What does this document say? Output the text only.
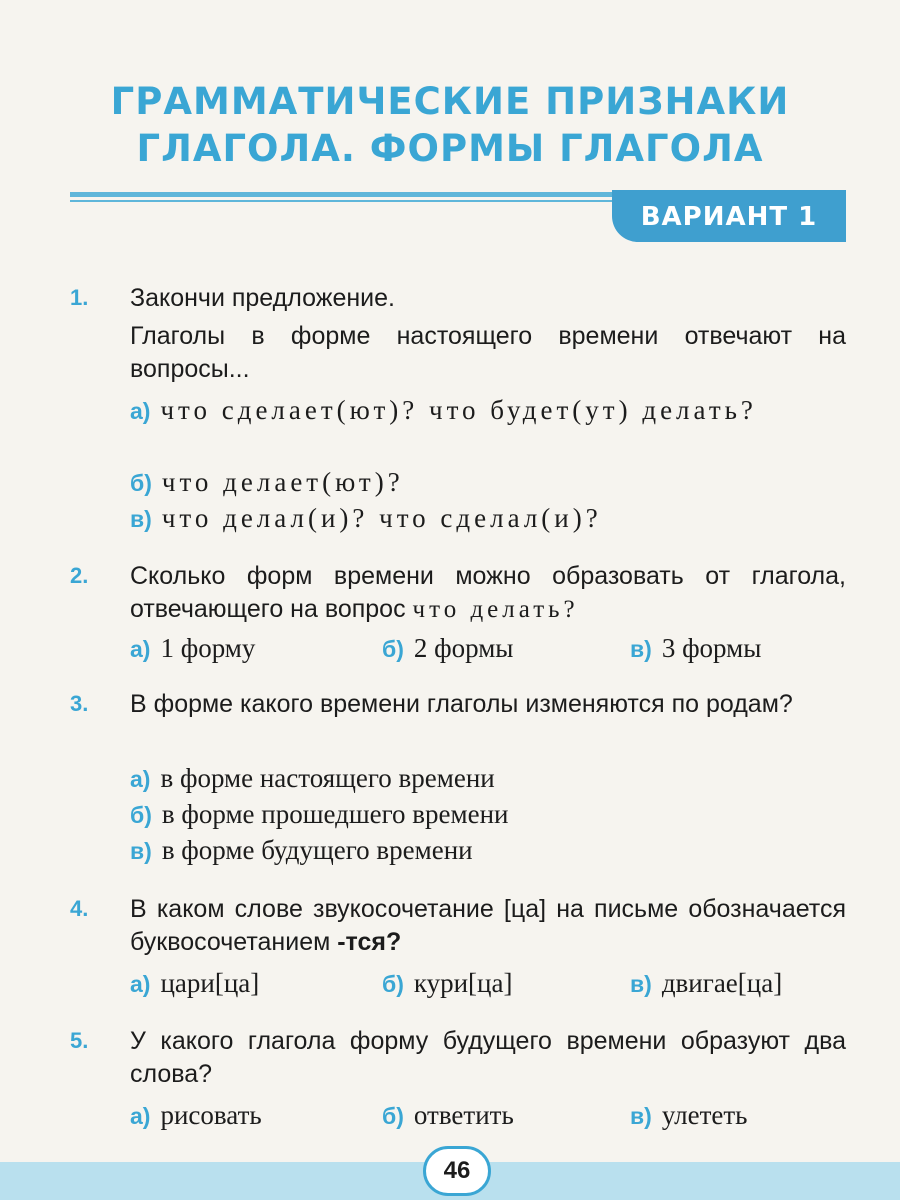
ГРАММАТИЧЕСКИЕ ПРИЗНАКИ
ГЛАГОЛА. ФОРМЫ ГЛАГОЛА
ВАРИАНТ 1
1. Закончи предложение.
Глаголы в форме настоящего времени отвечают на вопросы...
а) что сделает(ют)? что будет(ут) делать?
б) что делает(ют)?
в) что делал(и)? что сделал(и)?
2. Сколько форм времени можно образовать от глагола, отвечающего на вопрос что делать?
а) 1 форму	б) 2 формы	в) 3 формы
3. В форме какого времени глаголы изменяются по родам?
а) в форме настоящего времени
б) в форме прошедшего времени
в) в форме будущего времени
4. В каком слове звукосочетание [ца] на письме обозначается буквосочетанием -тся?
а) цари[ца]	б) кури[ца]	в) двигае[ца]
5. У какого глагола форму будущего времени образуют два слова?
а) рисовать	б) ответить	в) улететь
46
